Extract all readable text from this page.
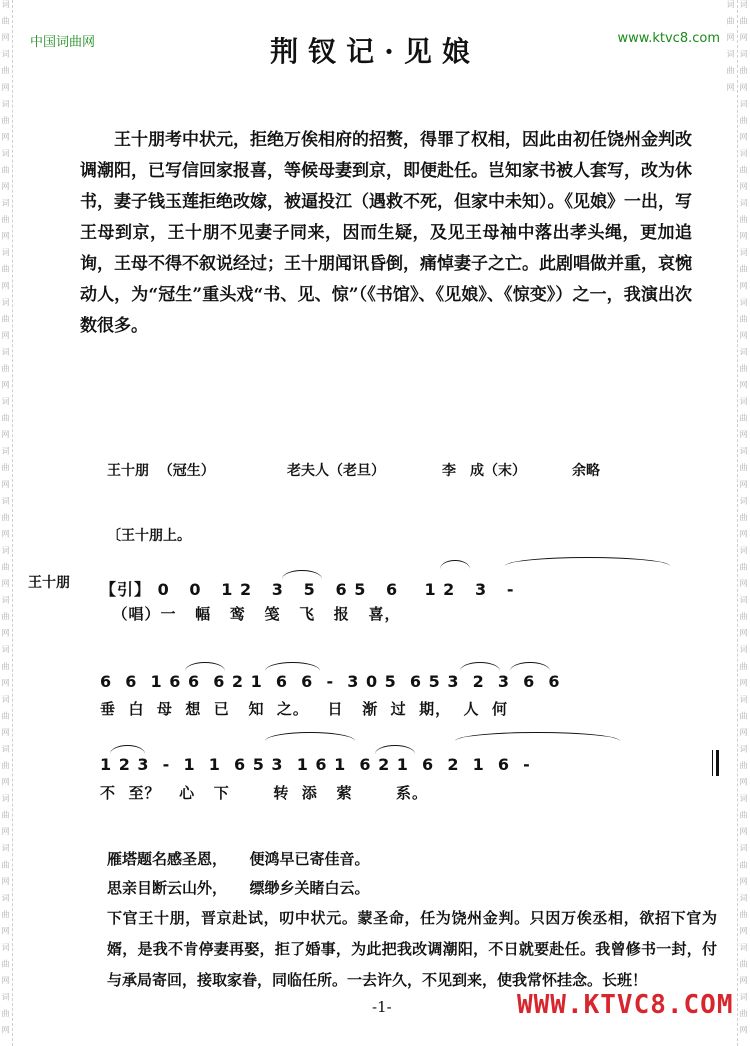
词 曲 网 词 曲 网 词 曲 网 词 曲 网 词 曲 网 词 曲 网 词 曲 网 词 曲 网 词 曲 网 词 曲 网 词 曲 网 词 曲 网 词 曲 网 词 曲 网 词 曲 网 词 曲 网 词 曲 网 词 曲 网 词 曲 网 词 曲 网 词 曲 网	词 曲 网 词 曲 网 词 曲 网 词 曲 网 词 曲 网 词 曲 网 词 曲 网 词 曲 网 词 曲 网 词 曲 网 词 曲 网 词 曲 网 词 曲 网 词 曲 网 词 曲 网 词 曲 网 词 曲 网 词 曲 网 词 曲 网 词 曲 网 词 曲 网 词 曲 网 词 曲 网
中国词曲网	www.ktvc8.com
荆钗记·见娘
王十朋考中状元，拒绝万俟相府的招赘，得罪了权相，因此由初任饶州金判改调潮阳，已写信回家报喜，等候母妻到京，即便赴任。岂知家书被人套写，改为休书，妻子钱玉莲拒绝改嫁，被逼投江（遇救不死，但家中未知）。《见娘》一出，写王母到京，王十朋不见妻子同来，因而生疑，及见王母袖中落出孝头绳，更加追询，王母不得不叙说经过；王十朋闻讯昏倒，痛悼妻子之亡。此剧唱做并重，哀惋动人，为“冠生”重头戏“书、见、惊”（《书馆》、《见娘》、《惊变》）之一，我演出次数很多。
王十朋 （冠生）	老夫人（老旦）	李　成（末）	余略
〔王十朋上。
王十朋 【引】 0   0   1 2   3   5   6 5   6    1 2   3   -
（唱）一   幅   鸾   笺   飞   报   喜，
6  6  1 6 6  6 2 1  6  6  -  3 0 5  6 5 3  2  3  6  6
垂  白  母  想  已   知  之。   日   渐  过  期，  人  何
1 2 3  -  1  1  6 5 3  1 6 1  6 2 1  6  2  1  6  -
不  至？   心   下       转  添   萦       系。
雁塔题名感圣恩，　　便鸿早已寄佳音。
思亲目断云山外，　　缥缈乡关睹白云。
下官王十朋，晋京赴试，叨中状元。蒙圣命，任为饶州金判。只因万俟丞相，欲招下官为婿，是我不肯停妻再娶，拒了婚事，为此把我改调潮阳，不日就要赴任。我曾修书一封，付与承局寄回，接取家眷，同临任所。一去许久，不见到来，使我常怀挂念。长班！
-1-	WWW.KTVC8.COM
